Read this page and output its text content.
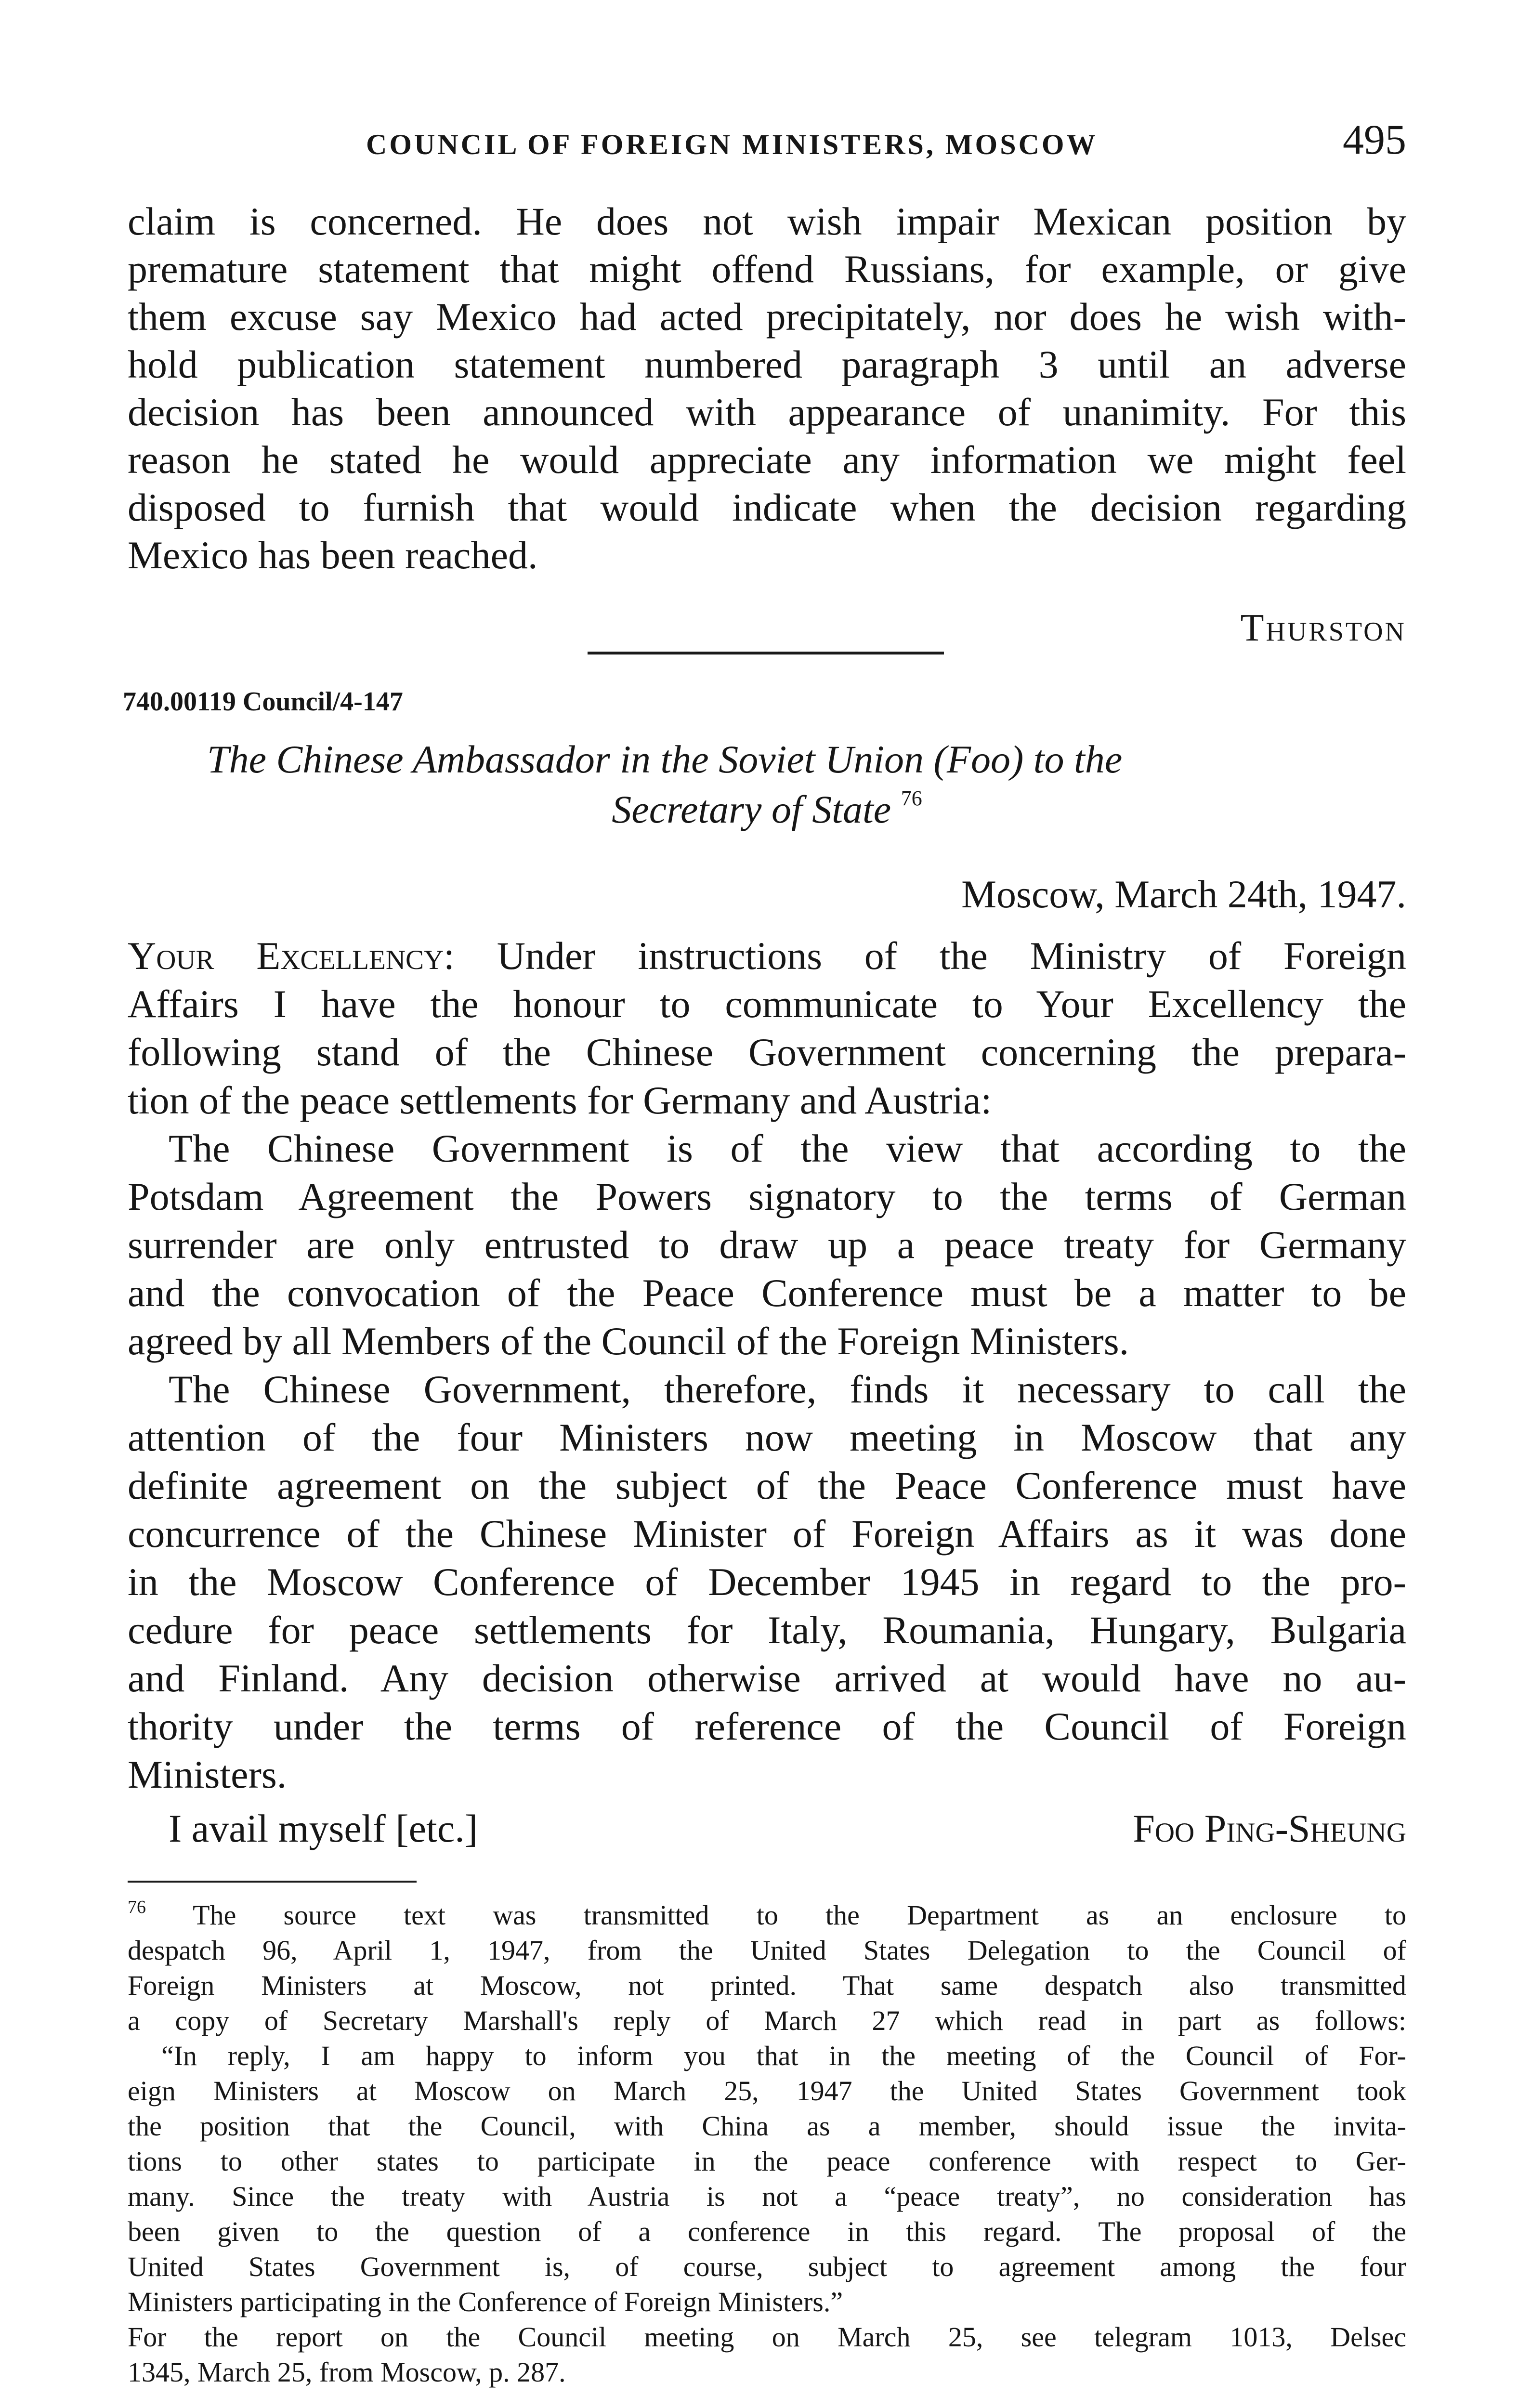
COUNCIL OF FOREIGN MINISTERS, MOSCOW	495
claim is concerned. He does not wish impair Mexican position by
premature statement that might offend Russians, for example, or give
them excuse say Mexico had acted precipitately, nor does he wish with-
hold publication statement numbered paragraph 3 until an adverse
decision has been announced with appearance of unanimity. For this
reason he stated he would appreciate any information we might feel
disposed to furnish that would indicate when the decision regarding
Mexico has been reached.
Thurston
740.00119 Council/4-147
The Chinese Ambassador in the Soviet Union (Foo) to the
Secretary of State $^{76}$
Moscow, March 24th, 1947.
Your Excellency: Under instructions of the Ministry of Foreign
Affairs I have the honour to communicate to Your Excellency the
following stand of the Chinese Government concerning the prepara-
tion of the peace settlements for Germany and Austria:
The Chinese Government is of the view that according to the
Potsdam Agreement the Powers signatory to the terms of German
surrender are only entrusted to draw up a peace treaty for Germany
and the convocation of the Peace Conference must be a matter to be
agreed by all Members of the Council of the Foreign Ministers.
The Chinese Government, therefore, finds it necessary to call the
attention of the four Ministers now meeting in Moscow that any
definite agreement on the subject of the Peace Conference must have
concurrence of the Chinese Minister of Foreign Affairs as it was done
in the Moscow Conference of December 1945 in regard to the pro-
cedure for peace settlements for Italy, Roumania, Hungary, Bulgaria
and Finland. Any decision otherwise arrived at would have no au-
thority under the terms of reference of the Council of Foreign
Ministers.
I avail myself [etc.]	Foo Ping-Sheung
$^{76}$ The source text was transmitted to the Department as an enclosure to
despatch 96, April 1, 1947, from the United States Delegation to the Council of
Foreign Ministers at Moscow, not printed. That same despatch also transmitted
a copy of Secretary Marshall's reply of March 27 which read in part as follows:
“In reply, I am happy to inform you that in the meeting of the Council of For-
eign Ministers at Moscow on March 25, 1947 the United States Government took
the position that the Council, with China as a member, should issue the invita-
tions to other states to participate in the peace conference with respect to Ger-
many. Since the treaty with Austria is not a “peace treaty”, no consideration has
been given to the question of a conference in this regard. The proposal of the
United States Government is, of course, subject to agreement among the four
Ministers participating in the Conference of Foreign Ministers.”
For the report on the Council meeting on March 25, see telegram 1013, Delsec
1345, March 25, from Moscow, p. 287.
